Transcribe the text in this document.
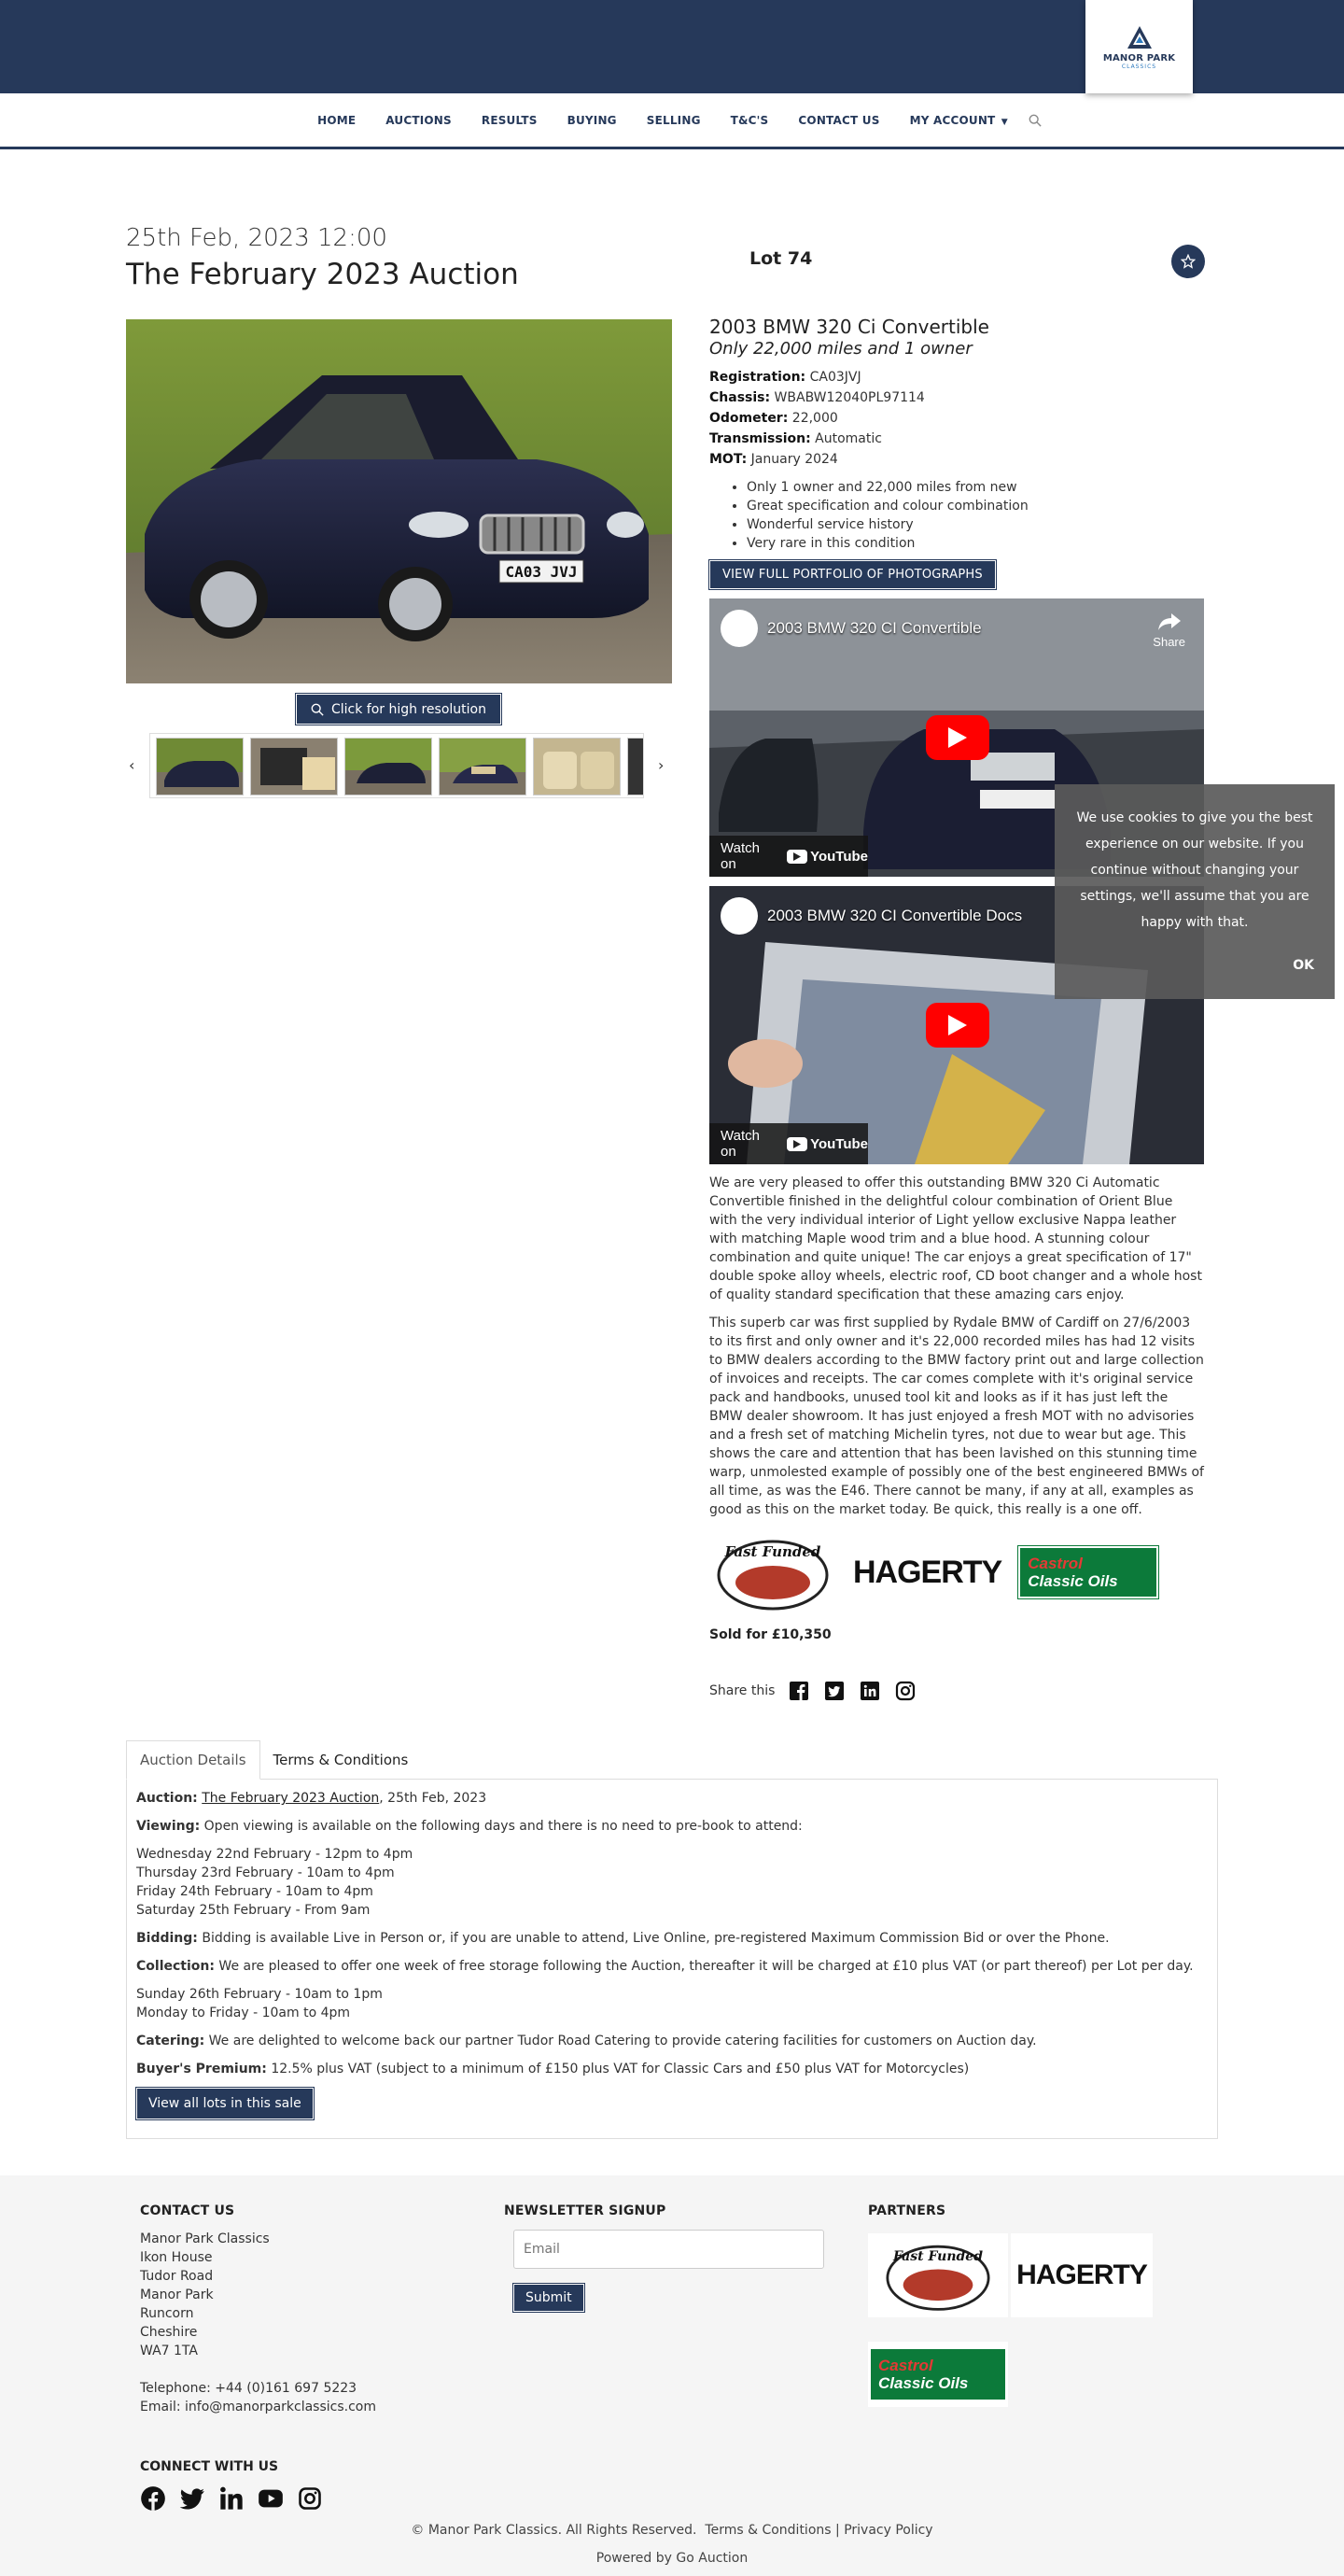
MANOR PARK
CLASSICS
HOME	AUCTIONS	RESULTS	BUYING	SELLING	T&C'S	CONTACT US	MY ACCOUNT ▼
25th Feb, 2023 12:00
The February 2023 Auction	Lot 74
CA03 JVJ
Click for high resolution
‹	›
2003 BMW 320 Ci Convertible
Only 22,000 miles and 1 owner
Registration: CA03JVJ
Chassis: WBABW12040PL97114
Odometer: 22,000
Transmission: Automatic
MOT: January 2024
• Only 1 owner and 22,000 miles from new
• Great specification and colour combination
• Wonderful service history
• Very rare in this condition
VIEW FULL PORTFOLIO OF PHOTOGRAPHS
2003 BMW 320 CI Convertible
Share
Watch on	YouTube
2003 BMW 320 CI Convertible Docs
Watch on	YouTube

We are very pleased to offer this outstanding BMW 320 Ci Automatic Convertible finished in the delightful colour combination of Orient Blue with the very individual interior of Light yellow exclusive Nappa leather with matching Maple wood trim and a blue hood. A stunning colour combination and quite unique! The car enjoys a great specification of 17" double spoke alloy wheels, electric roof, CD boot changer and a whole host of quality standard specification that these amazing cars enjoy.

This superb car was first supplied by Rydale BMW of Cardiff on 27/6/2003 to its first and only owner and it's 22,000 recorded miles has had 12 visits to BMW dealers according to the BMW factory print out and large collection of invoices and receipts. The car comes complete with it's original service pack and handbooks, unused tool kit and looks as if it has just left the BMW dealer showroom. It has just enjoyed a fresh MOT with no advisories and a fresh set of matching Michelin tyres, not due to wear but age. This shows the care and attention that has been lavished on this stunning time warp, unmolested example of possibly one of the best engineered BMWs of all time, as was the E46. There cannot be many, if any at all, examples as good as this on the market today. Be quick, this really is a one off.

Fast Funded
HAGERTY Castrol
Classic Oils
Sold for £10,350
Share this
We use cookies to give you the best experience on our website. If you continue without changing your settings, we'll assume that you are happy with that.
OK
Auction Details	Terms & Conditions

Auction: The February 2023 Auction, 25th Feb, 2023

Viewing: Open viewing is available on the following days and there is no need to pre-book to attend:

Wednesday 22nd February - 12pm to 4pm
Thursday 23rd February - 10am to 4pm
Friday 24th February - 10am to 4pm
Saturday 25th February - From 9am

Bidding: Bidding is available Live in Person or, if you are unable to attend, Live Online, pre-registered Maximum Commission Bid or over the Phone.

Collection: We are pleased to offer one week of free storage following the Auction, thereafter it will be charged at £10 plus VAT (or part thereof) per Lot per day.

Sunday 26th February - 10am to 1pm
Monday to Friday - 10am to 4pm

Catering: We are delighted to welcome back our partner Tudor Road Catering to provide catering facilities for customers on Auction day.

Buyer's Premium: 12.5% plus VAT (subject to a minimum of £150 plus VAT for Classic Cars and £50 plus VAT for Motorcycles)

View all lots in this sale
CONTACT US
Manor Park Classics
Ikon House
Tudor Road
Manor Park
Runcorn
Cheshire
WA7 1TA
Telephone: +44 (0)161 697 5223
Email: info@manorparkclassics.com
NEWSLETTER SIGNUP
Email
Submit
PARTNERS
Fast Funded
HAGERTY
Castrol
Classic Oils
CONNECT WITH US
© Manor Park Classics. All Rights Reserved. Terms & Conditions | Privacy Policy
Powered by Go Auction
